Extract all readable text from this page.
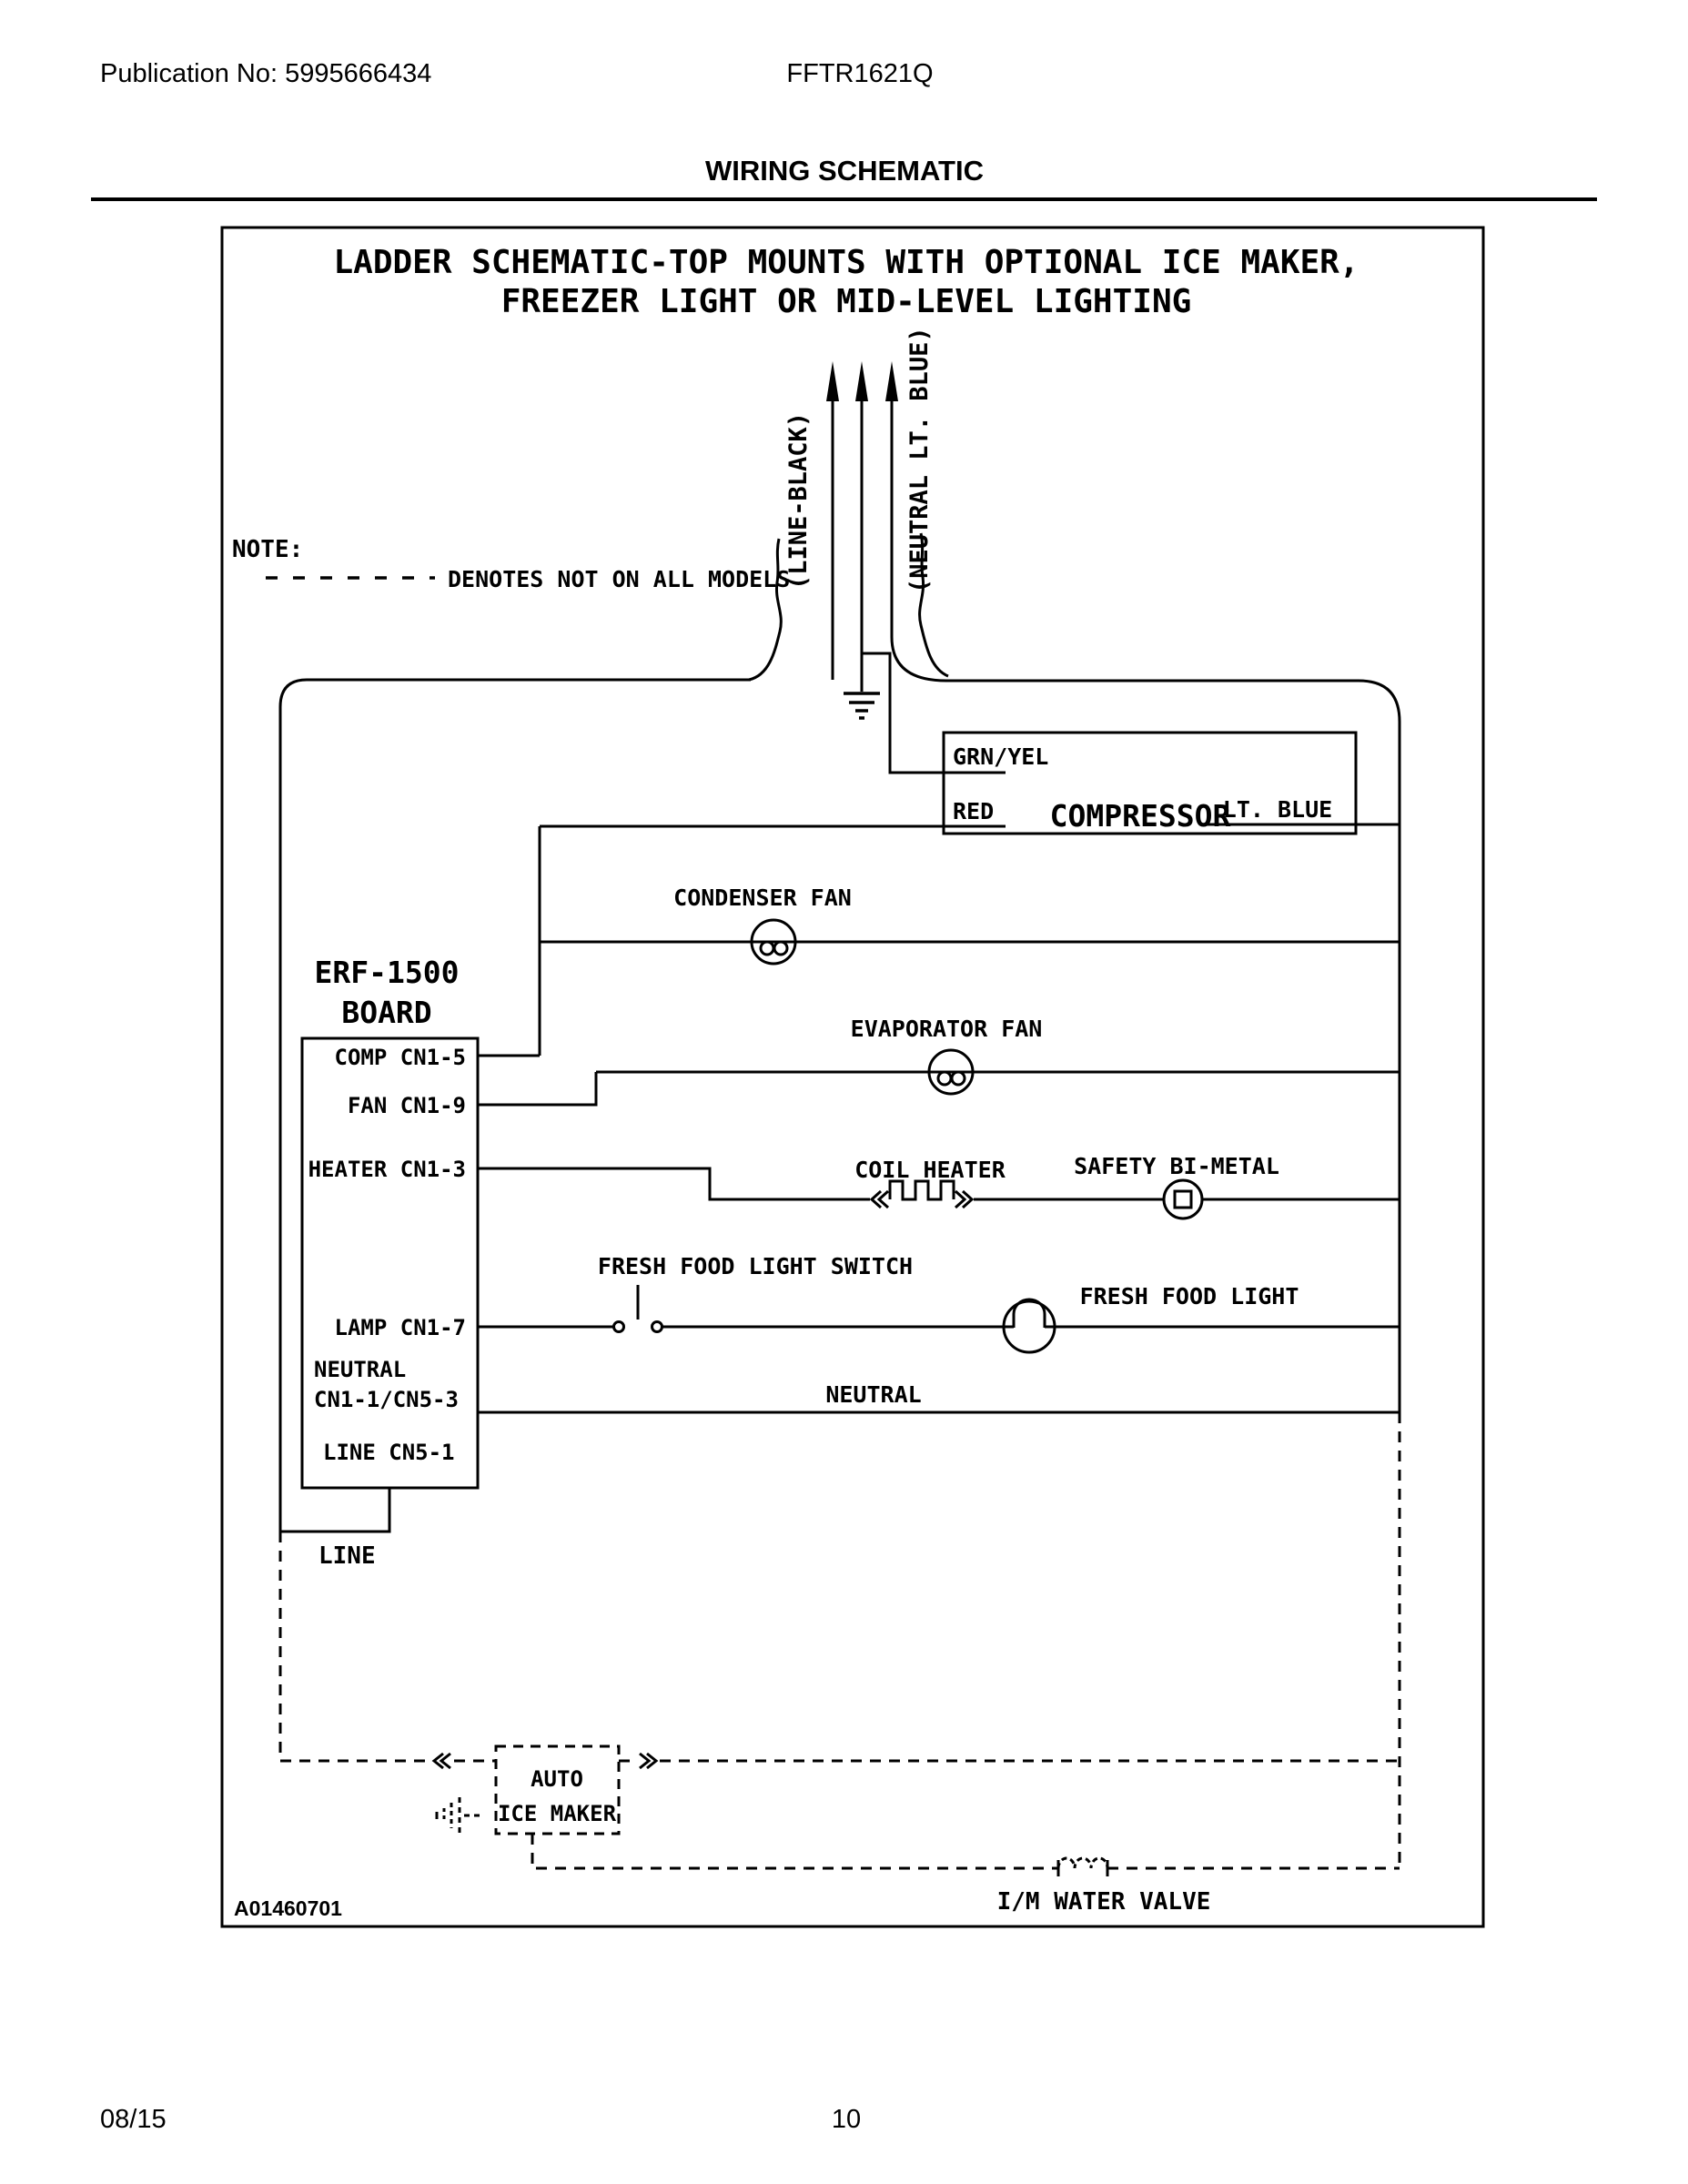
Publication No: 5995666434	FFTR1621Q
WIRING SCHEMATIC
LADDER SCHEMATIC-TOP MOUNTS WITH OPTIONAL ICE MAKER,
FREEZER LIGHT OR MID-LEVEL LIGHTING
NOTE:
DENOTES NOT ON ALL MODELS
(LINE-BLACK)	(NEUTRAL LT. BLUE)
GRN/YEL
RED COMPRESSOR
LT. BLUE
CONDENSER FAN
EVAPORATOR FAN
COIL HEATER	SAFETY BI-METAL
FRESH FOOD LIGHT SWITCH
FRESH FOOD LIGHT
NEUTRAL
ERF-1500
BOARD
COMP CN1-5
FAN CN1-9
HEATER CN1-3
LAMP CN1-7
NEUTRAL
CN1-1/CN5-3
LINE CN5-1
LINE
AUTO
ICE MAKER
I/M WATER VALVE
A01460701
08/15	10
